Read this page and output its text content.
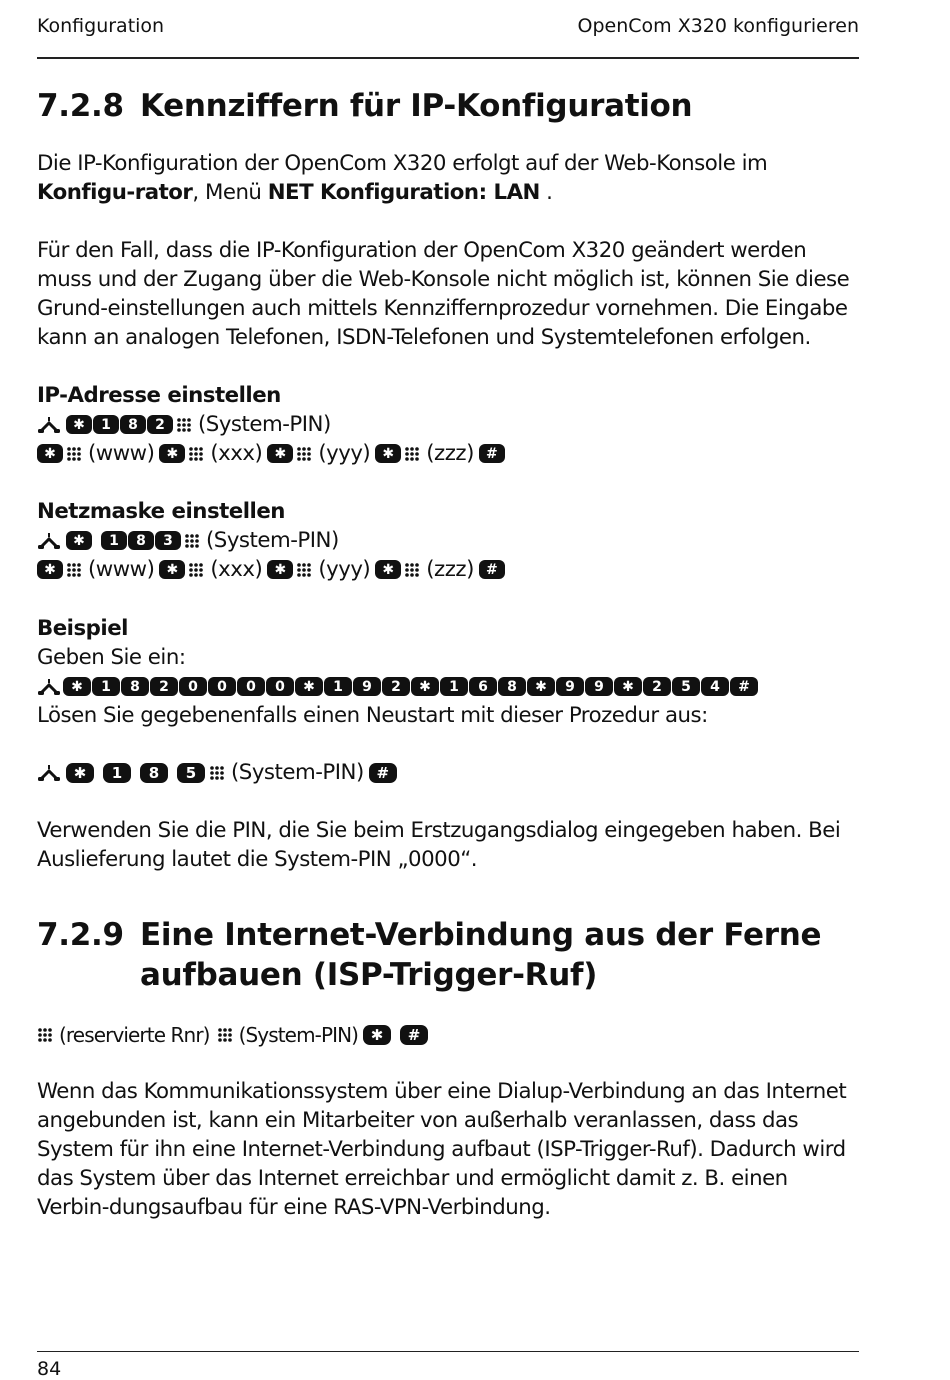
Konfiguration	OpenCom X320 konfigurieren
7.2.8 Kennziffern für IP-Konfiguration
Die IP-Konfiguration der OpenCom X320 erfolgt auf der Web-Konsole im Konfigu-rator, Menü NET Konfiguration: LAN .
Für den Fall, dass die IP-Konfiguration der OpenCom X320 geändert werden muss und der Zugang über die Web-Konsole nicht möglich ist, können Sie diese Grund-einstellungen auch mittels Kennziffernprozedur vornehmen. Die Eingabe kann an analogen Telefonen, ISDN-Telefonen und Systemtelefonen erfolgen.
IP-Adresse einstellen
✱	1	8	2	(System-PIN)
✱	(www) ✱	(xxx) ✱	(yyy) ✱	(zzz) #
Netzmaske einstellen
✱	1	8	3	(System-PIN)
✱	(www) ✱	(xxx) ✱	(yyy) ✱	(zzz) #
Beispiel
Geben Sie ein:
✱	1	8	2	0	0	0	0	✱	1	9	2	✱	1	6	8	✱	9	9	✱	2	5	4	#
Lösen Sie gegebenenfalls einen Neustart mit dieser Prozedur aus:
✱	1	8	5	(System-PIN) #
Verwenden Sie die PIN, die Sie beim Erstzugangsdialog eingegeben haben. Bei Auslieferung lautet die System-PIN „0000“.
7.2.9 Eine Internet-Verbindung aus der Ferne
aufbauen (ISP-Trigger-Ruf)
(reservierte Rnr) (System-PIN) ✱	#
Wenn das Kommunikationssystem über eine Dialup-Verbindung an das Internet angebunden ist, kann ein Mitarbeiter von außerhalb veranlassen, dass das System für ihn eine Internet-Verbindung aufbaut (ISP-Trigger-Ruf). Dadurch wird das System über das Internet erreichbar und ermöglicht damit z. B. einen Verbin-dungsaufbau für eine RAS-VPN-Verbindung.
84
